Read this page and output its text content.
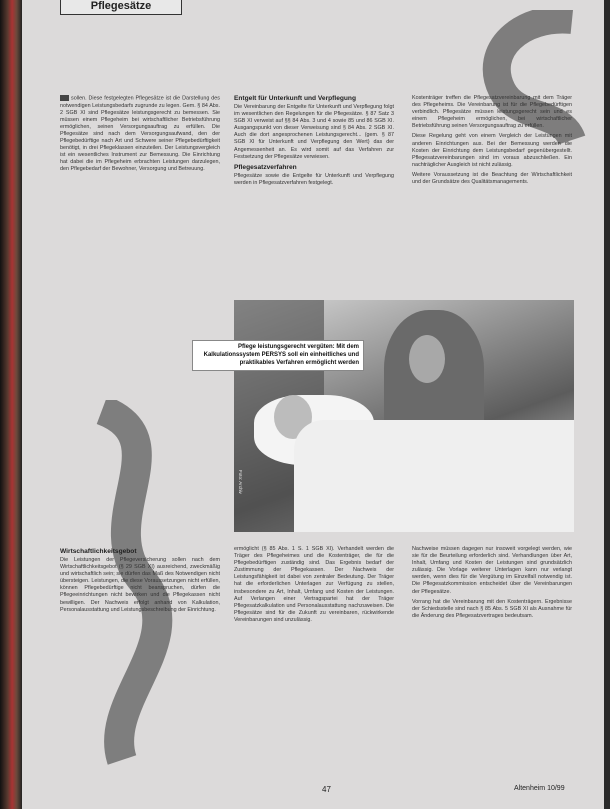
Pflegesätze

sollen. Diese festgelegten Pflegesätze ist die Darstellung des notwendigen Leistungsbedarfs zugrunde zu legen. Gem. § 84 Abs. 2 SGB XI sind Pflegesätze leistungsgerecht zu bemessen. Sie müssen einem Pflegeheim bei wirtschaftlicher Betriebsführung ermöglichen, seinen Versorgungsauftrag zu erfüllen. Die Pflegesätze sind nach dem Versorgungsaufwand, den der Pflegebedürftige nach Art und Schwere seiner Pflegebedürftigkeit benötigt, in drei Pflegeklassen einzuteilen. Der Leistungsvergleich ist ein wesentliches Instrument zur Bemessung. Die Einrichtung hat dabei die im Pflegeheim erbrachten Leistungen darzulegen, den Pflegebedarf der Bewohner, Versorgung und Betreuung.

Wirtschaftlichkeitsgebot

Die Leistungen der Pflegeversicherung sollen nach dem Wirtschaftlichkeitsgebot (§ 29 SGB XI) ausreichend, zweckmäßig und wirtschaftlich sein; sie dürfen das Maß des Notwendigen nicht übersteigen. Leistungen, die diese Voraussetzungen nicht erfüllen, können Pflegebedürftige nicht beanspruchen, dürfen die Pflegeeinrichtungen nicht bewirken und die Pflegekassen nicht bewilligen. Der Nachweis erfolgt anhand von Kalkulation, Personalausstattung und Leistungsbeschreibung der Einrichtung.

Entgelt für Unterkunft und Verpflegung

Die Vereinbarung der Entgelte für Unterkunft und Verpflegung folgt im wesentlichen den Regelungen für die Pflegesätze. § 87 Satz 3 SGB XI verweist auf §§ 84 Abs. 3 und 4 sowie 85 und 86 SGB XI. Ausgangspunkt von dieser Verweisung sind § 84 Abs. 2 SGB XI. Auch die dort angesprochenen Leistungsgerecht... (gem. § 87 SGB XI für Unterkunft und Verpflegung den Wert) das der Angemessenheit an. Es wird somit auf das Verfahren zur Festsetzung der Pflegesätze verwiesen.

Pflegesatzverfahren

Pflegesätze sowie die Entgelte für Unterkunft und Verpflegung werden in Pflegesatzverfahren festgelegt.

Kostenträger treffen die Pflegesatzvereinbarung mit dem Träger des Pflegeheims. Die Vereinbarung ist für die Pflegebedürftigen verbindlich. Pflegesätze müssen leistungsgerecht sein und es einem Pflegeheim ermöglichen, bei wirtschaftlicher Betriebsführung seinen Versorgungsauftrag zu erfüllen.

Diese Regelung geht von einem Vergleich der Leistungen mit anderen Einrichtungen aus. Bei der Bemessung werden die Kosten der Einrichtung dem Leistungsbedarf gegenübergestellt. Pflegesatzvereinbarungen sind im voraus abzuschließen. Ein nachträglicher Ausgleich ist nicht zulässig.

Weitere Voraussetzung ist die Beachtung der Wirtschaftlichkeit und der Grundsätze des Qualitätsmanagements.

Foto: Archiv
Pflege leistungsgerecht vergüten: Mit dem Kalkulationssystem PERSYS soll ein einheitliches und praktikables Verfahren ermöglicht werden

ermöglicht (§ 85 Abs. 1 S. 1 SGB XI). Verhandelt werden die Träger des Pflegeheimes und die Kostenträger, die für die Pflegebedürftigen zuständig sind. Das Ergebnis bedarf der Zustimmung der Pflegekassen. Der Nachweis der Leistungsfähigkeit ist dabei von zentraler Bedeutung. Der Träger hat die erforderlichen Unterlagen zur Verfügung zu stellen, insbesondere zu Art, Inhalt, Umfang und Kosten der Leistungen. Auf Verlangen einer Vertragspartei hat der Träger Pflegesatzkalkulation und Personalausstattung nachzuweisen. Die Pflegesätze sind für die Zukunft zu vereinbaren, rückwirkende Vereinbarungen sind unzulässig.

Nachweise müssen dagegen nur insoweit vorgelegt werden, wie sie für die Beurteilung erforderlich sind. Verhandlungen über Art, Inhalt, Umfang und Kosten der Leistungen sind grundsätzlich zulässig. Die Vorlage weiterer Unterlagen kann nur verlangt werden, wenn dies für die Vergütung im Einzelfall notwendig ist. Die Pflegesatzkommission entscheidet über die Vereinbarungen der Pflegesätze.

Vorrang hat die Vereinbarung mit den Kostenträgern. Ergebnisse der Schiedsstelle sind nach § 85 Abs. 5 SGB XI als Ausnahme für die Änderung des Pflegesatzvertrages bedeutsam.

47	Altenheim 10/99
